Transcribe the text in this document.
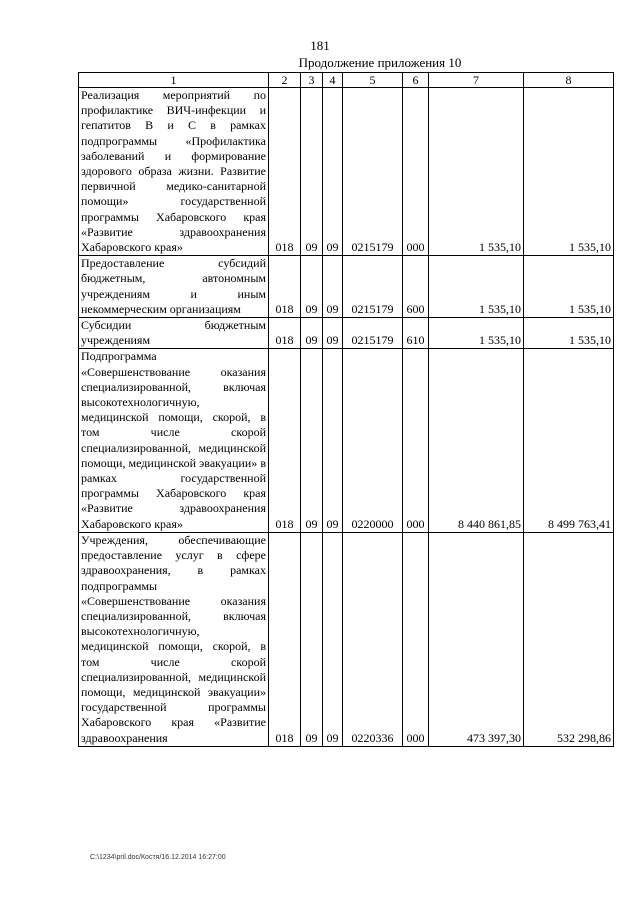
181
Продолжение приложения 10
1	2	3	4	5	6	7	8
Реализация мероприятий по профилактике ВИЧ-инфекции и гепатитов В и С в рамках подпрограммы «Профилактика заболеваний и формирование здорового образа жизни. Развитие первичной медико-санитарной помощи» государственной программы Хабаровского края «Развитие здравоохранения Хабаровского края»	018	09	09	0215179	000	1 535,10	1 535,10
Предоставление субсидий бюджетным, автономным учреждениям и иным некоммерческим организациям	018	09	09	0215179	600	1 535,10	1 535,10
Субсидии бюджетным учреждениям	018	09	09	0215179	610	1 535,10	1 535,10
Подпрограмма «Совершенствование оказания специализированной, включая высокотехнологичную, медицинской помощи, скорой, в том числе скорой специализированной, медицинской помощи, медицинской эвакуации» в рамках государственной программы Хабаровского края «Развитие здравоохранения Хабаровского края»	018	09	09	0220000	000	8 440 861,85	8 499 763,41
Учреждения, обеспечивающие предоставление услуг в сфере здравоохранения, в рамках подпрограммы «Совершенствование оказания специализированной, включая высокотехнологичную, медицинской помощи, скорой, в том числе скорой специализированной, медицинской помощи, медицинской эвакуации» государственной программы Хабаровского края «Развитие здравоохранения	018	09	09	0220336	000	473 397,30	532 298,86
C:\1234\pril.doc/Костя/16.12.2014 16:27:00
